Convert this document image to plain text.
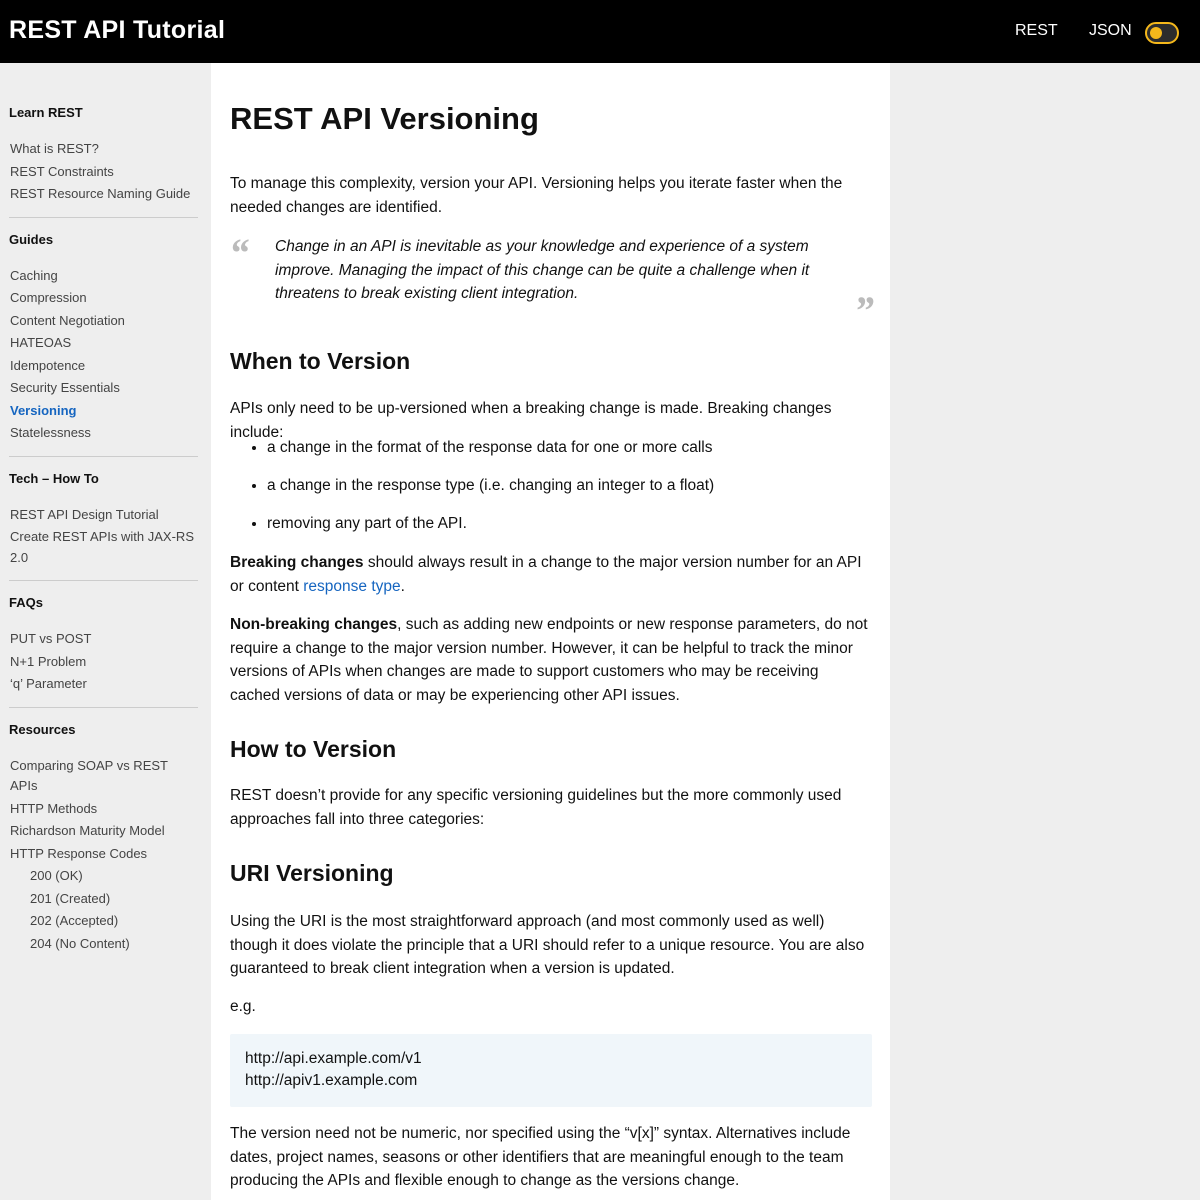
REST API Tutorial	REST JSON
Learn REST
What is REST?
REST Constraints
REST Resource Naming Guide
Guides
Caching
Compression
Content Negotiation
HATEOAS
Idempotence
Security Essentials
Versioning
Statelessness
Tech – How To
REST API Design Tutorial
Create REST APIs with JAX-RS 2.0
FAQs
PUT vs POST
N+1 Problem
‘q’ Parameter
Resources
Comparing SOAP vs REST APIs
HTTP Methods
Richardson Maturity Model
HTTP Response Codes
200 (OK)
201 (Created)
202 (Accepted)
204 (No Content)
REST API Versioning

To manage this complexity, version your API. Versioning helps you iterate faster when the needed changes are identified.

“ Change in an API is inevitable as your knowledge and experience of a system improve. Managing the impact of this change can be quite a challenge when it threatens to break existing client integration.	”
When to Version

APIs only need to be up-versioned when a breaking change is made. Breaking changes include:

• a change in the format of the response data for one or more calls
• a change in the response type (i.e. changing an integer to a float)
• removing any part of the API.

Breaking changes should always result in a change to the major version number for an API or content response type.

Non-breaking changes, such as adding new endpoints or new response parameters, do not require a change to the major version number. However, it can be helpful to track the minor versions of APIs when changes are made to support customers who may be receiving cached versions of data or may be experiencing other API issues.

How to Version

REST doesn’t provide for any specific versioning guidelines but the more commonly used approaches fall into three categories:

URI Versioning

Using the URI is the most straightforward approach (and most commonly used as well) though it does violate the principle that a URI should refer to a unique resource. You are also guaranteed to break client integration when a version is updated.

e.g.

http://api.example.com/v1
http://apiv1.example.com

The version need not be numeric, nor specified using the “v[x]” syntax. Alternatives include dates, project names, seasons or other identifiers that are meaningful enough to the team producing the APIs and flexible enough to change as the versions change.
